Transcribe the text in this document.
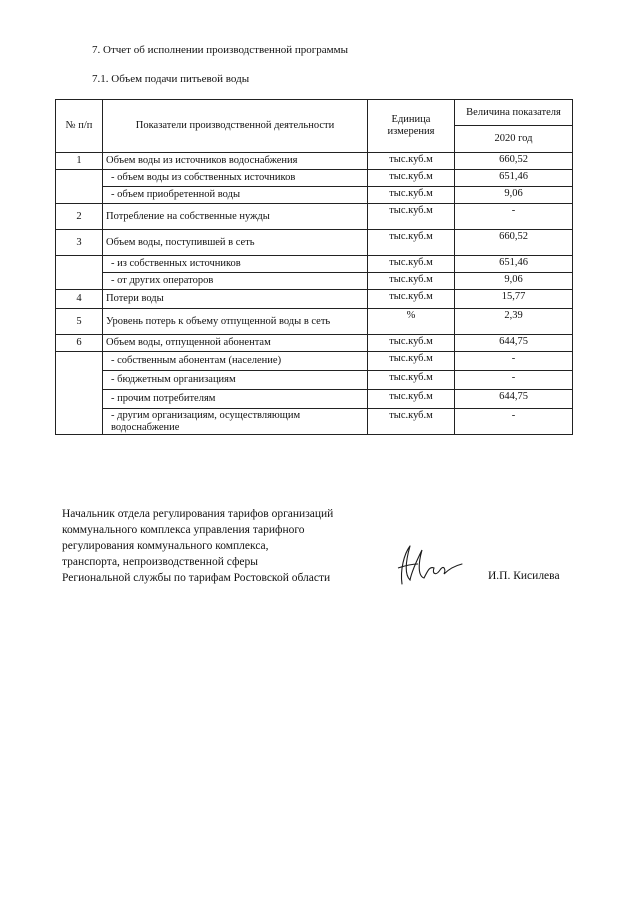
7. Отчет об исполнении производственной программы
7.1. Объем подачи питьевой воды
№ п/п	Показатели производственной деятельности	Единица измерения	Величина показателя
			2020 год
1	Объем воды из источников водоснабжения	тыс.куб.м	660,52
	- объем воды из собственных источников	тыс.куб.м	651,46
	- объем приобретенной воды	тыс.куб.м	9,06
2	Потребление на собственные нужды	тыс.куб.м	-
3	Объем воды, поступившей в сеть	тыс.куб.м	660,52
	- из собственных источников	тыс.куб.м	651,46
	- от других операторов	тыс.куб.м	9,06
4	Потери воды	тыс.куб.м	15,77
5	Уровень потерь к объему отпущенной воды в сеть	%	2,39
6	Объем воды, отпущенной абонентам	тыс.куб.м	644,75
	- собственным абонентам (население)	тыс.куб.м	-
	- бюджетным организациям	тыс.куб.м	-
	- прочим потребителям	тыс.куб.м	644,75
	- другим организациям, осуществляющим водоснабжение	тыс.куб.м	-
Начальник отдела регулирования тарифов организаций
коммунального комплекса управления тарифного
регулирования коммунального комплекса,
транспорта, непроизводственной сферы
Региональной службы по тарифам Ростовской области	И.П. Кисилева
